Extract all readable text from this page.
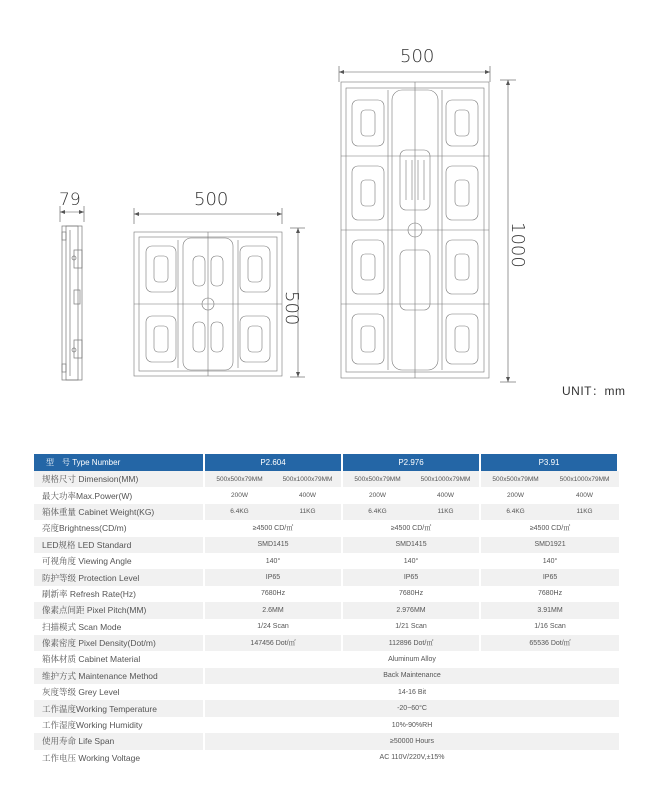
79	500
500
500
1000
UNIT：mm
型　号 Type Number	P2.604		P2.976		P3.91	
规格尺寸 Dimension(MM)	500x500x79MM	500x1000x79MM	500x500x79MM	500x1000x79MM	500x500x79MM	500x1000x79MM
最大功率Max.Power(W)	200W	400W	200W	400W	200W	400W
箱体重量 Cabinet Weight(KG)	6.4KG	11KG	6.4KG	11KG	6.4KG	11KG
亮度Brightness(CD/m)	≥4500 CD/㎡		≥4500 CD/㎡		≥4500 CD/㎡	
LED规格 LED Standard	SMD1415		SMD1415		SMD1921	
可视角度 Viewing Angle	140°		140°		140°	
防护等级 Protection Level	IP65		IP65		IP65	
刷新率 Refresh Rate(Hz)	7680Hz		7680Hz		7680Hz	
像素点间距 Pixel Pitch(MM)	2.6MM		2.976MM		3.91MM	
扫描模式 Scan Mode	1/24 Scan		1/21 Scan		1/16 Scan	
像素密度 Pixel Density(Dot/m)	147456 Dot/㎡		112896 Dot/㎡		65536 Dot/㎡	
箱体材质 Cabinet Material	Aluminum Alloy					
维护方式 Maintenance Method	Back Maintenance					
灰度等级 Grey Level	14-16 Bit					
工作温度Working Temperature	-20~60°C					
工作湿度Working Humidity	10%-90%RH					
使用寿命 Life Span	≥50000 Hours					
工作电压 Working Voltage	AC 110V/220V,±15%					
